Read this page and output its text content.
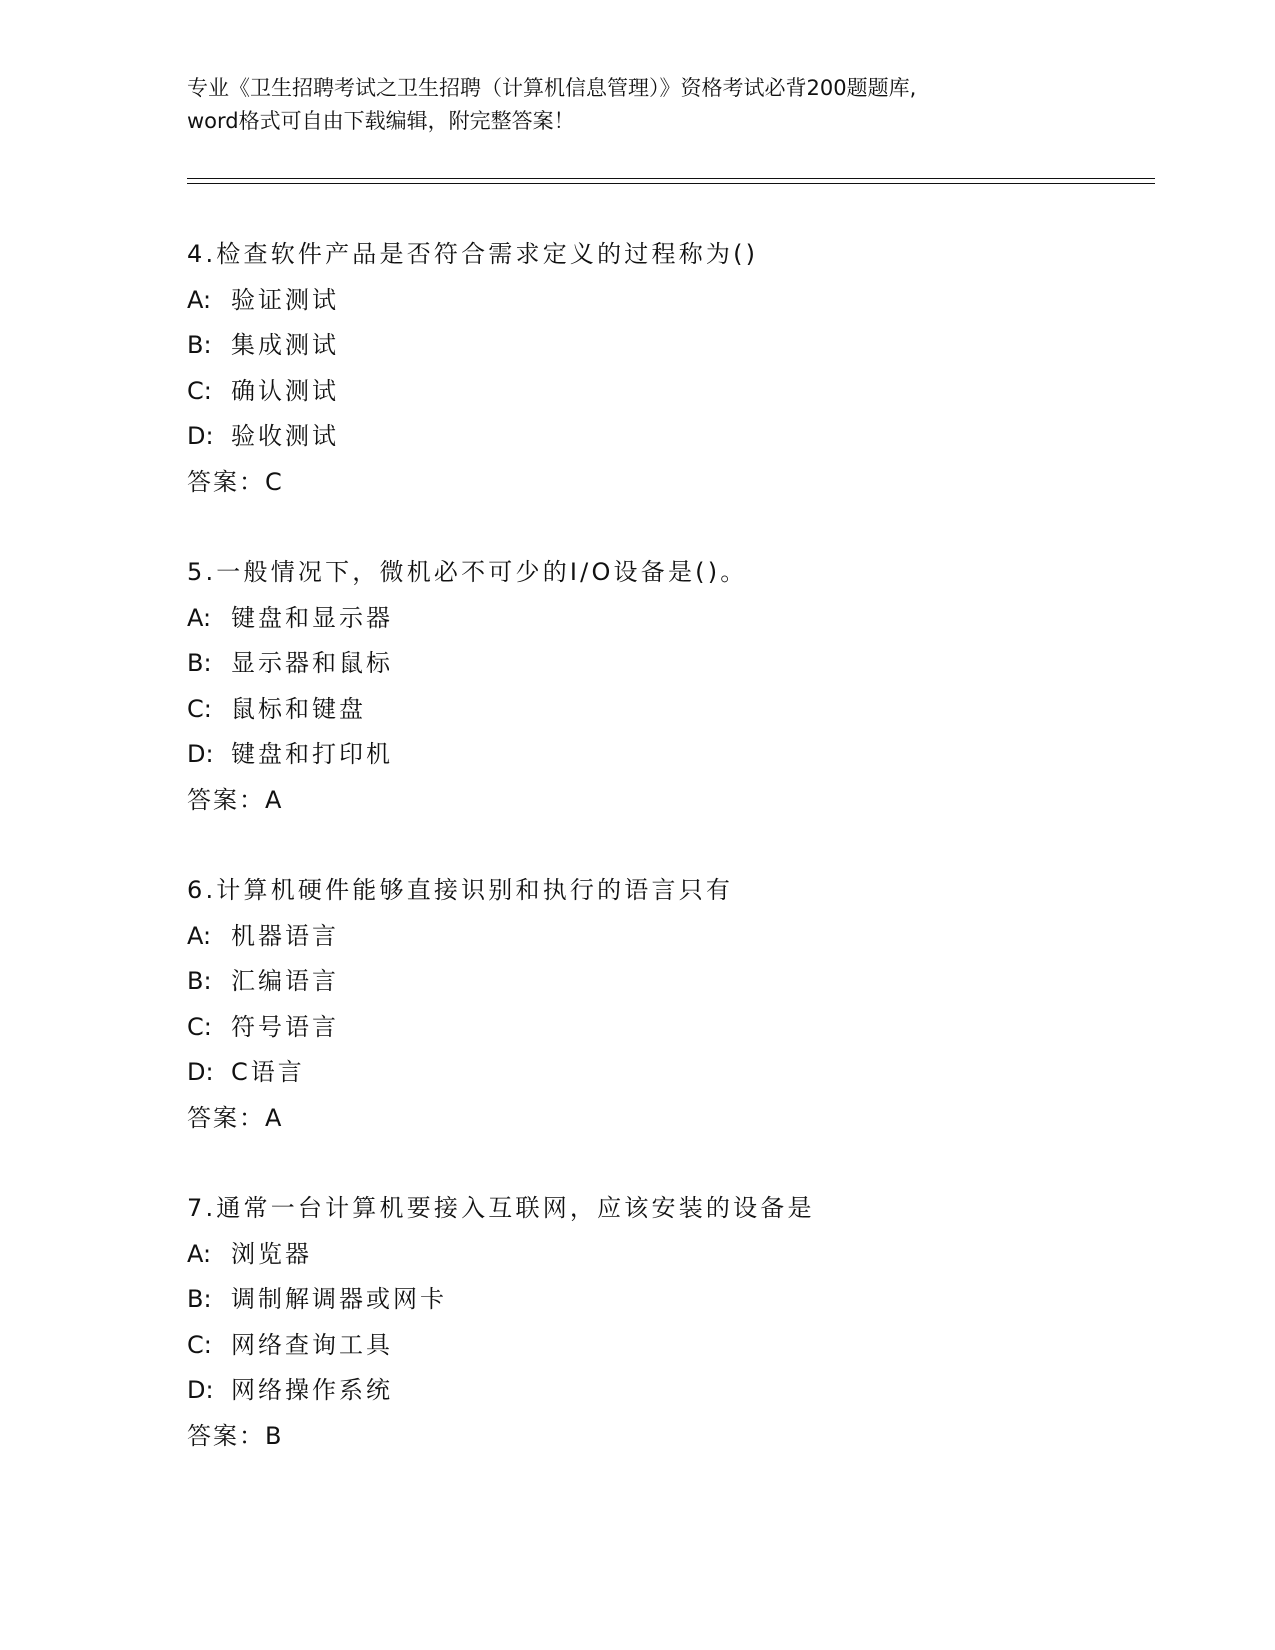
专业《卫生招聘考试之卫生招聘（计算机信息管理）》资格考试必背200题题库,
word格式可自由下载编辑，附完整答案！
4.检查软件产品是否符合需求定义的过程称为()
A: 验证测试
B: 集成测试
C: 确认测试
D: 验收测试
答案：C
5.一般情况下，微机必不可少的I/O设备是()。
A: 键盘和显示器
B: 显示器和鼠标
C: 鼠标和键盘
D: 键盘和打印机
答案：A
6.计算机硬件能够直接识别和执行的语言只有
A: 机器语言
B: 汇编语言
C: 符号语言
D: C语言
答案：A
7.通常一台计算机要接入互联网，应该安装的设备是
A: 浏览器
B: 调制解调器或网卡
C: 网络查询工具
D: 网络操作系统
答案：B
